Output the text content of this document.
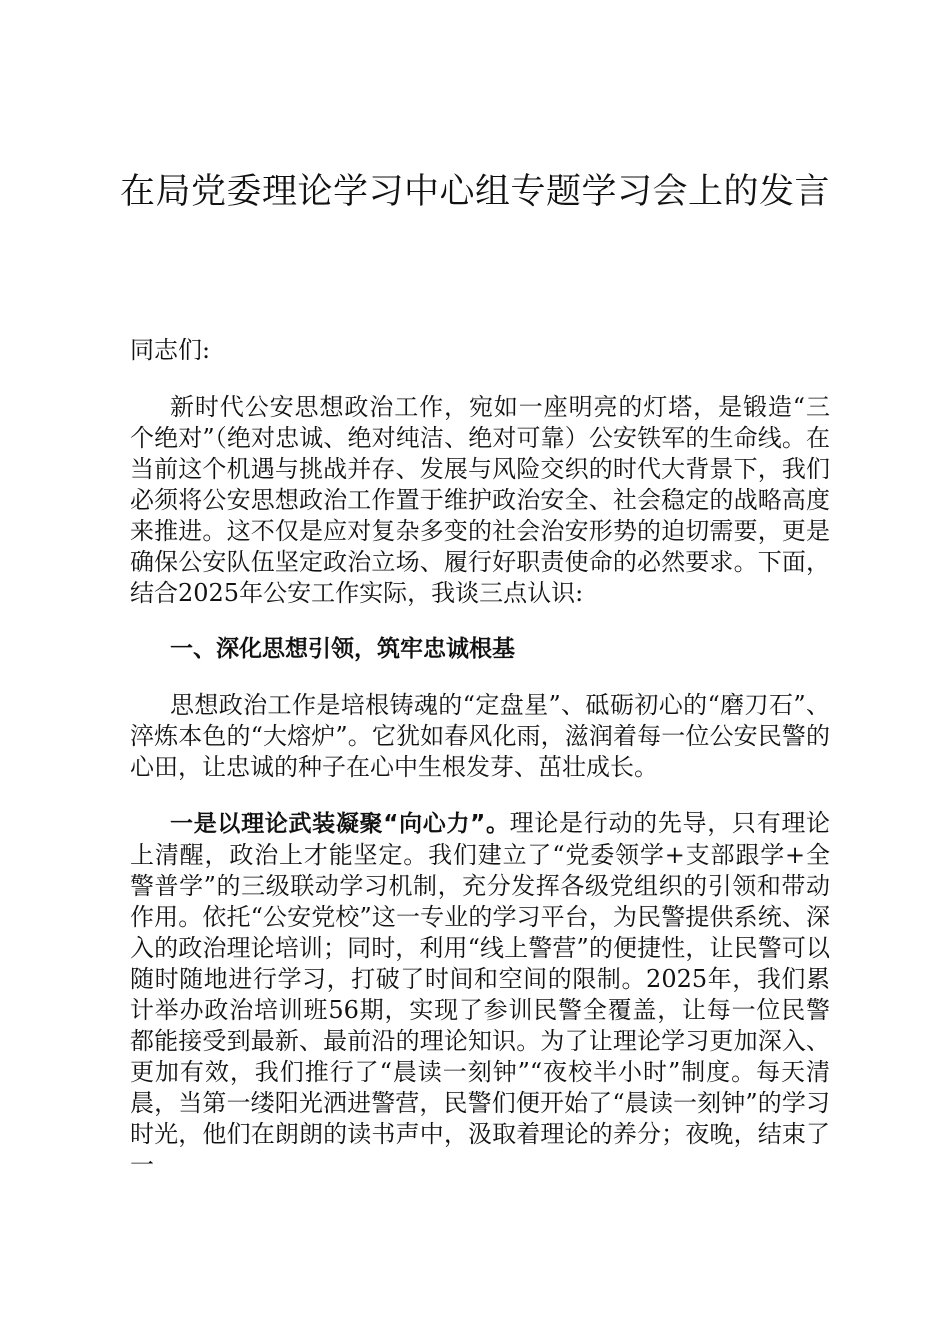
在局党委理论学习中心组专题学习会上的发言

同志们:

新时代公安思想政治工作，宛如一座明亮的灯塔，是锻造“三个绝对”（绝对忠诚、绝对纯洁、绝对可靠）公安铁军的生命线。在当前这个机遇与挑战并存、发展与风险交织的时代大背景下，我们必须将公安思想政治工作置于维护政治安全、社会稳定的战略高度来推进。这不仅是应对复杂多变的社会治安形势的迫切需要，更是确保公安队伍坚定政治立场、履行好职责使命的必然要求。下面，结合2025年公安工作实际，我谈三点认识:

一、深化思想引领，筑牢忠诚根基

思想政治工作是培根铸魂的“定盘星”、砥砺初心的“磨刀石”、淬炼本色的“大熔炉”。它犹如春风化雨，滋润着每一位公安民警的心田，让忠诚的种子在心中生根发芽、茁壮成长。

一是以理论武装凝聚“向心力”。理论是行动的先导，只有理论上清醒，政治上才能坚定。我们建立了“党委领学+支部跟学+全警普学”的三级联动学习机制，充分发挥各级党组织的引领和带动作用。依托“公安党校”这一专业的学习平台，为民警提供系统、深入的政治理论培训；同时，利用“线上警营”的便捷性，让民警可以随时随地进行学习，打破了时间和空间的限制。2025年，我们累计举办政治培训班56期，实现了参训民警全覆盖，让每一位民警都能接受到最新、最前沿的理论知识。为了让理论学习更加深入、更加有效，我们推行了“晨读一刻钟”“夜校半小时”制度。每天清晨，当第一缕阳光洒进警营，民警们便开始了“晨读一刻钟”的学习时光，他们在朗朗的读书声中，汲取着理论的养分；夜晚，结束了一
